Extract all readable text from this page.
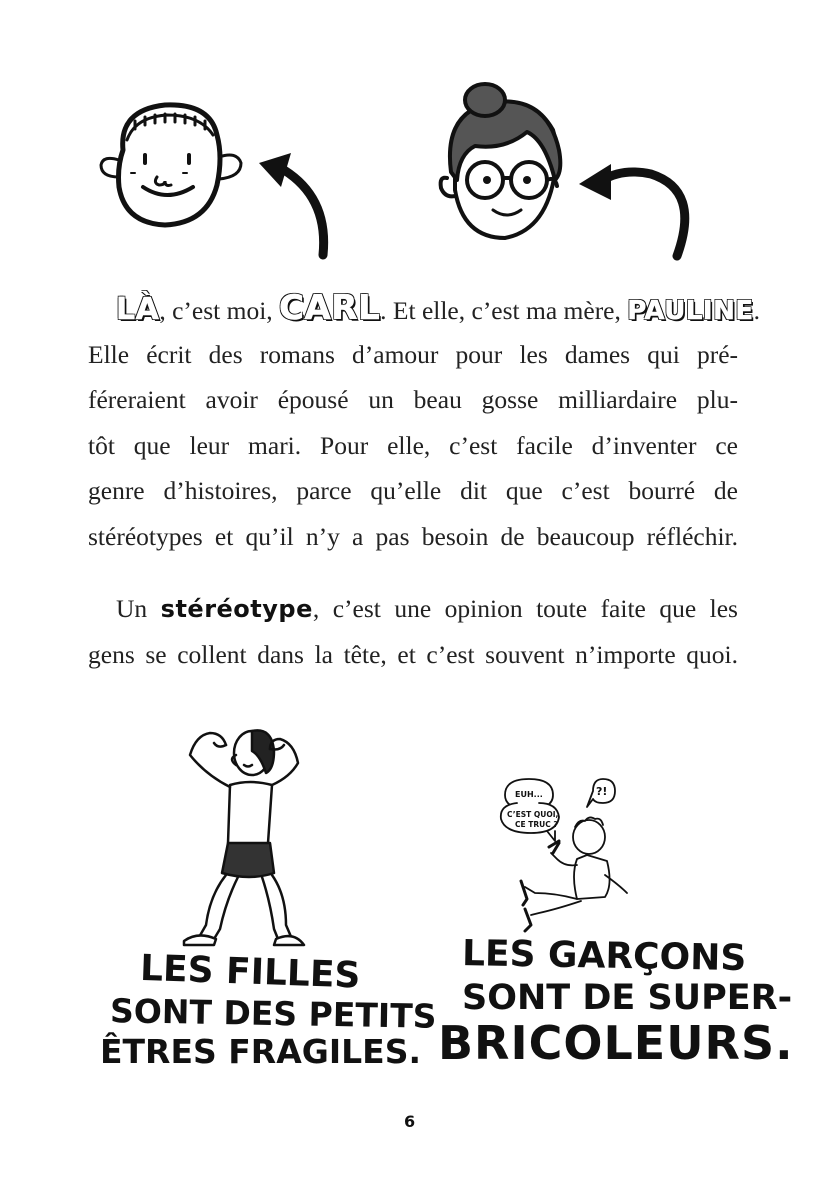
LÀ, c’est moi, CARL. Et elle, c’est ma mère, PAULINE.
Elle écrit des romans d’amour pour les dames qui pré-
féreraient avoir épousé un beau gosse milliardaire plu-
tôt que leur mari. Pour elle, c’est facile d’inventer ce
genre d’histoires, parce qu’elle dit que c’est bourré de
stéréotypes et qu’il n’y a pas besoin de beaucoup réfléchir.
Un stéréotype, c’est une opinion toute faite que les
gens se collent dans la tête, et c’est souvent n’importe quoi.
EUH...
C’EST QUOI,
CE TRUC ?
?!
LES FILLES
SONT DES PETITS
ÊTRES FRAGILES.
LES GARÇONS
SONT DE SUPER-
BRICOLEURS.
6
